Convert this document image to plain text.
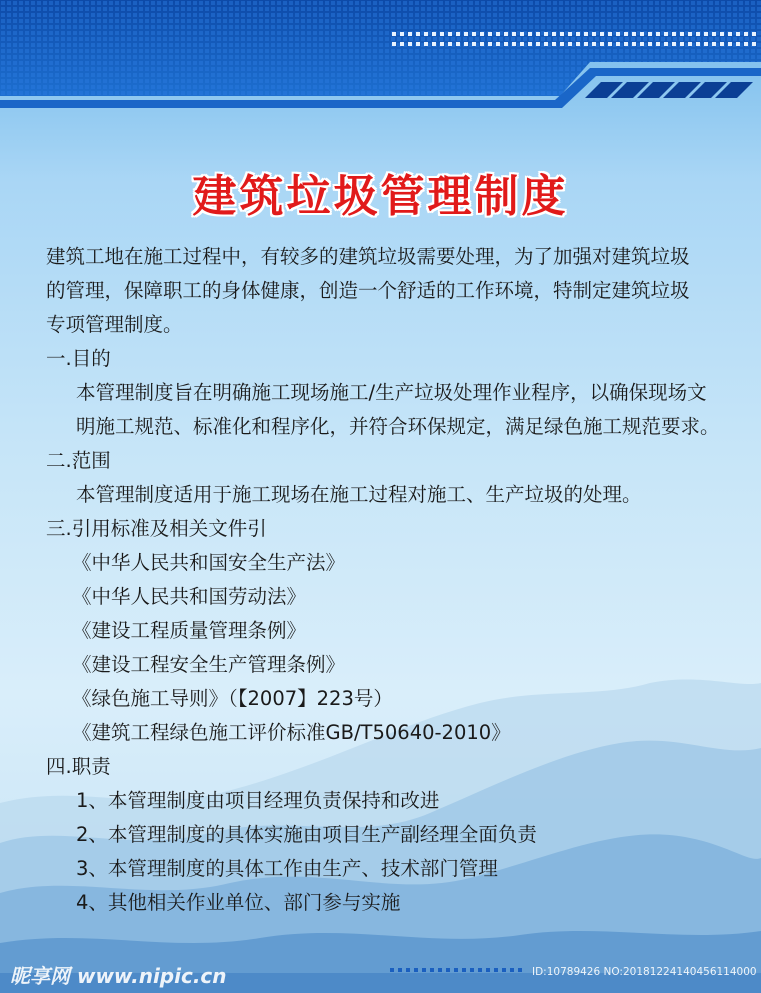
建筑垃圾管理制度
建筑工地在施工过程中，有较多的建筑垃圾需要处理，为了加强对建筑垃圾
的管理，保障职工的身体健康，创造一个舒适的工作环境，特制定建筑垃圾
专项管理制度。
一.目的
本管理制度旨在明确施工现场施工/生产垃圾处理作业程序，以确保现场文
明施工规范、标准化和程序化，并符合环保规定，满足绿色施工规范要求。
二.范围
本管理制度适用于施工现场在施工过程对施工、生产垃圾的处理。
三.引用标准及相关文件引
《中华人民共和国安全生产法》
《中华人民共和国劳动法》
《建设工程质量管理条例》
《建设工程安全生产管理条例》
《绿色施工导则》（【2007】223号）
《建筑工程绿色施工评价标准GB/T50640-2010》
四.职责
1、本管理制度由项目经理负责保持和改进
2、本管理制度的具体实施由项目生产副经理全面负责
3、本管理制度的具体工作由生产、技术部门管理
4、其他相关作业单位、部门参与实施
昵享网 www.nipic.cn	ID:10789426 NO:20181224140456114000
